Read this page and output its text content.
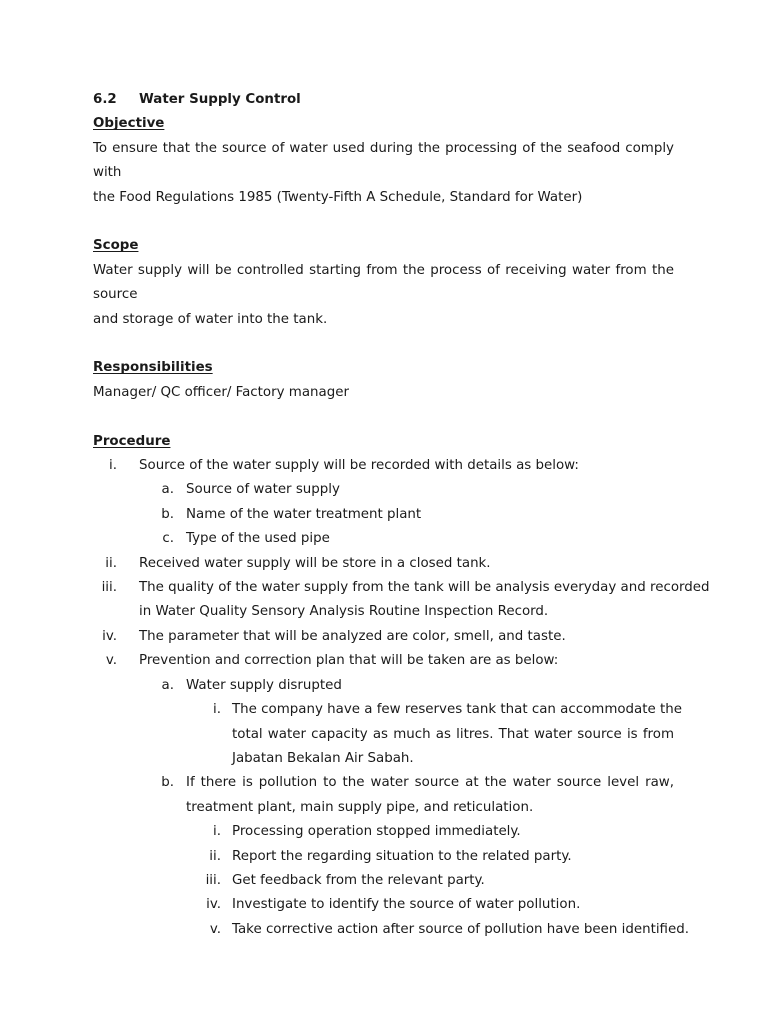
6.2 Water Supply Control
Objective
To ensure that the source of water used during the processing of the seafood comply with
the Food Regulations 1985 (Twenty-Fifth A Schedule, Standard for Water)
Scope
Water supply will be controlled starting from the process of receiving water from the source
and storage of water into the tank.
Responsibilities
Manager/ QC officer/ Factory manager
Procedure
i. Source of the water supply will be recorded with details as below:
a. Source of water supply
b. Name of the water treatment plant
c. Type of the used pipe
ii. Received water supply will be store in a closed tank.
iii. The quality of the water supply from the tank will be analysis everyday and recorded
in Water Quality Sensory Analysis Routine Inspection Record.
iv. The parameter that will be analyzed are color, smell, and taste.
v. Prevention and correction plan that will be taken are as below:
a. Water supply disrupted
i. The company have a few reserves tank that can accommodate the
total water capacity as much as litres. That water source is from
Jabatan Bekalan Air Sabah.
b. If there is pollution to the water source at the water source level raw,
treatment plant, main supply pipe, and reticulation.
i. Processing operation stopped immediately.
ii. Report the regarding situation to the related party.
iii. Get feedback from the relevant party.
iv. Investigate to identify the source of water pollution.
v. Take corrective action after source of pollution have been identified.
